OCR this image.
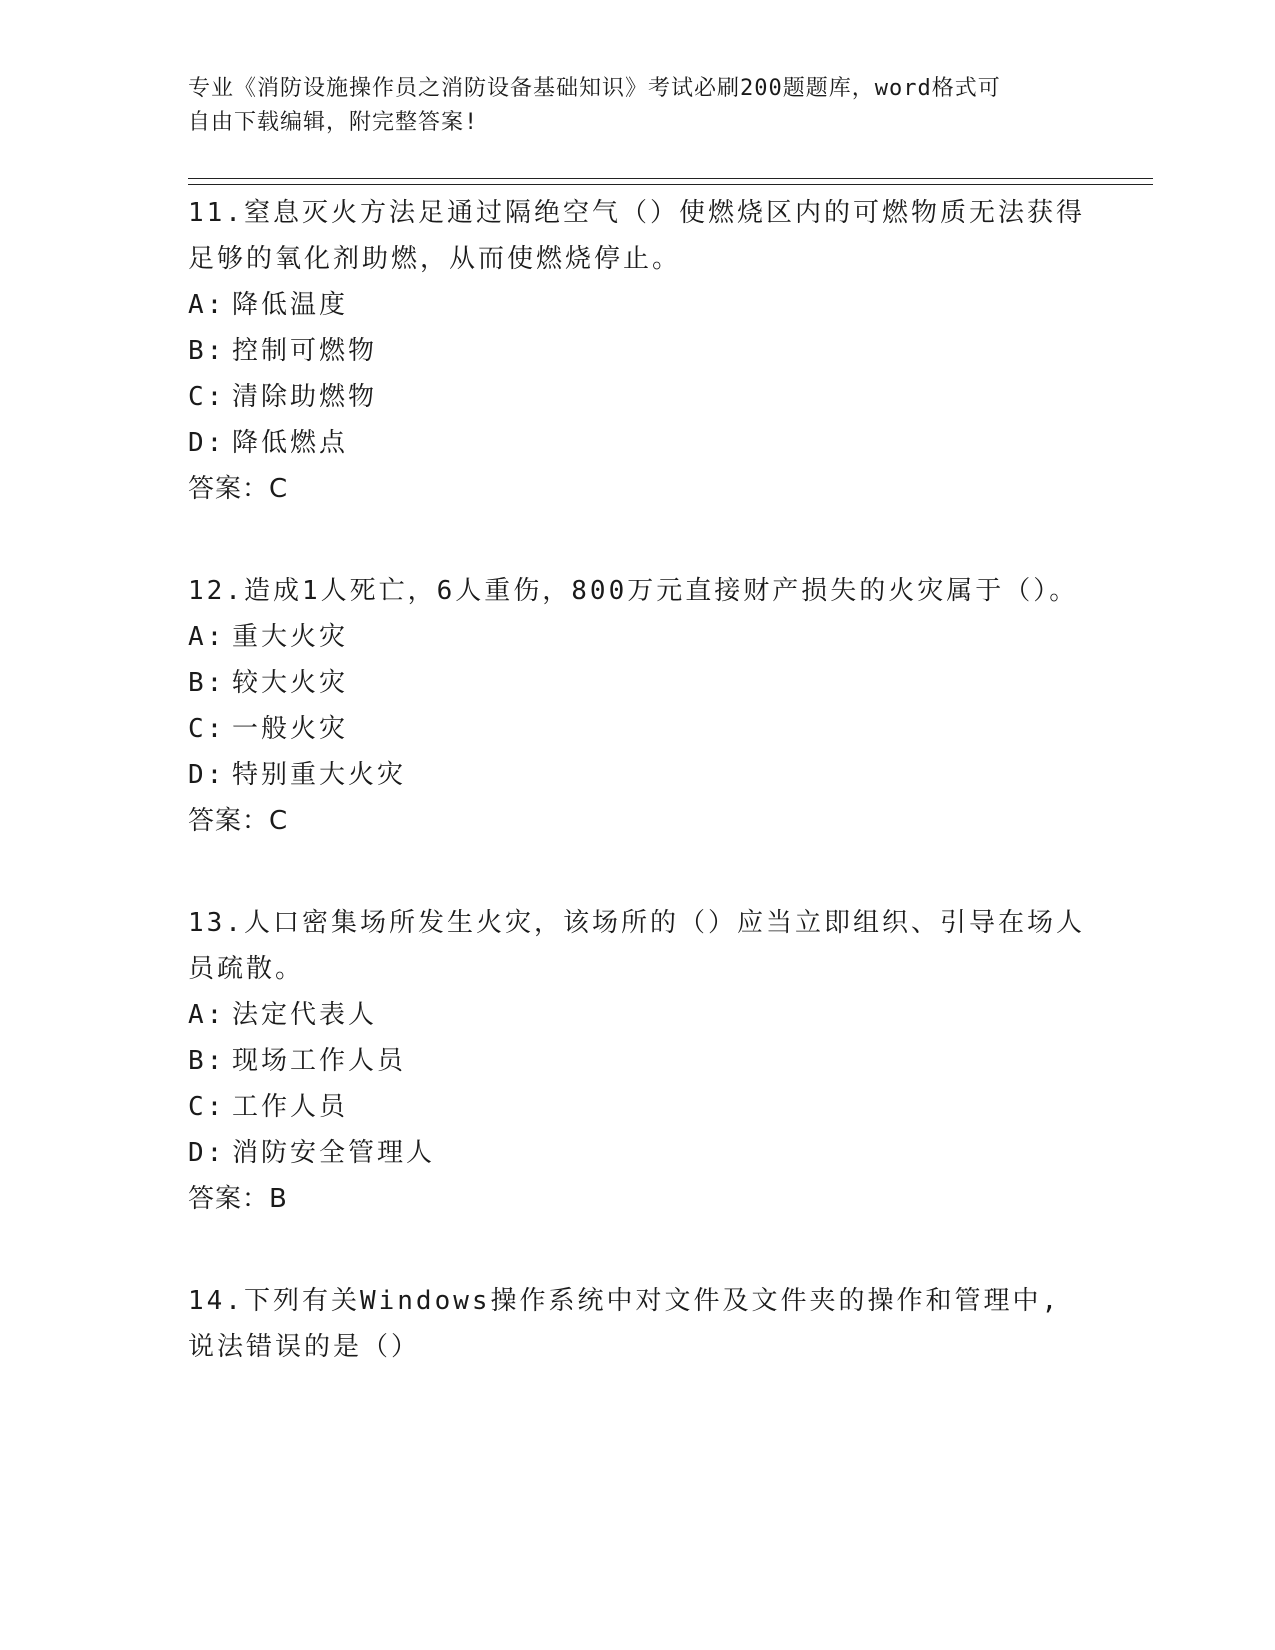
专业《消防设施操作员之消防设备基础知识》考试必刷200题题库，word格式可
自由下载编辑，附完整答案!

11.窒息灭火方法足通过隔绝空气（）使燃烧区内的可燃物质无法获得足够的氧化剂助燃，从而使燃烧停止。

A: 降低温度

B: 控制可燃物

C: 清除助燃物

D: 降低燃点

答案：C

12.造成1人死亡，6人重伤，800万元直接财产损失的火灾属于（）。

A: 重大火灾

B: 较大火灾

C: 一般火灾

D: 特别重大火灾

答案：C

13.人口密集场所发生火灾，该场所的（）应当立即组织、引导在场人员疏散。

A: 法定代表人

B: 现场工作人员

C: 工作人员

D: 消防安全管理人

答案：B

14.下列有关Windows操作系统中对文件及文件夹的操作和管理中,说法错误的是（）
